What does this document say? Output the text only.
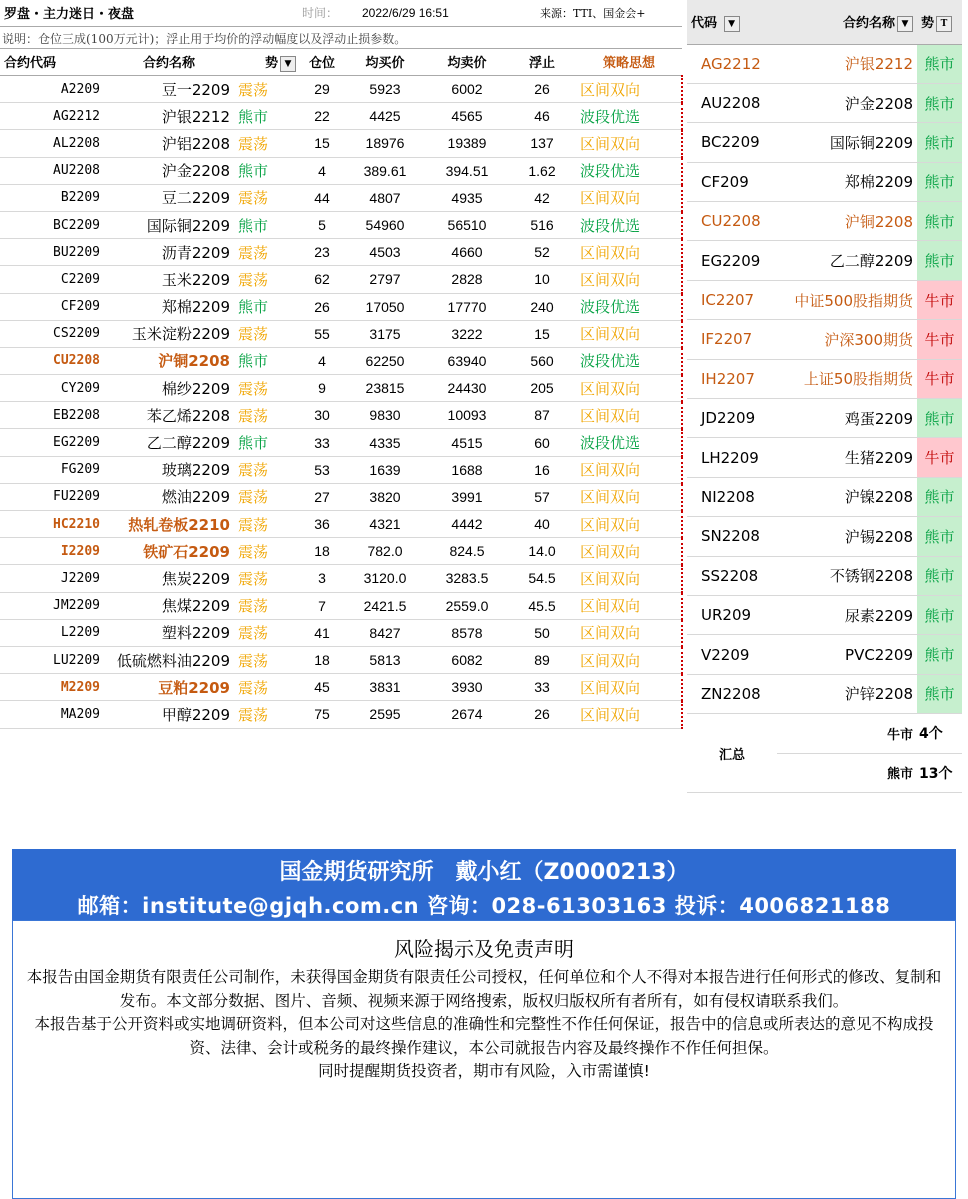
罗盘・主力迷日・夜盘		时间：	2022/6/29 16:51	来源：TTI、国金会+
说明：仓位三成(100万元计)；浮止用于均价的浮动幅度以及浮动止损参数。
合约代码	合约名称	势 ▼	仓位	均买价	均卖价	浮止	策略思想
A2209	豆一2209	震荡	29	5923	6002	26	区间双向
AG2212	沪银2212	熊市	22	4425	4565	46	波段优选
AL2208	沪铝2208	震荡	15	18976	19389	137	区间双向
AU2208	沪金2208	熊市	4	389.61	394.51	1.62	波段优选
B2209	豆二2209	震荡	44	4807	4935	42	区间双向
BC2209	国际铜2209	熊市	5	54960	56510	516	波段优选
BU2209	沥青2209	震荡	23	4503	4660	52	区间双向
C2209	玉米2209	震荡	62	2797	2828	10	区间双向
CF209	郑棉2209	熊市	26	17050	17770	240	波段优选
CS2209	玉米淀粉2209	震荡	55	3175	3222	15	区间双向
CU2208	沪铜2208	熊市	4	62250	63940	560	波段优选
CY209	棉纱2209	震荡	9	23815	24430	205	区间双向
EB2208	苯乙烯2208	震荡	30	9830	10093	87	区间双向
EG2209	乙二醇2209	熊市	33	4335	4515	60	波段优选
FG209	玻璃2209	震荡	53	1639	1688	16	区间双向
FU2209	燃油2209	震荡	27	3820	3991	57	区间双向
HC2210	热轧卷板2210	震荡	36	4321	4442	40	区间双向
I2209	铁矿石2209	震荡	18	782.0	824.5	14.0	区间双向
J2209	焦炭2209	震荡	3	3120.0	3283.5	54.5	区间双向
JM2209	焦煤2209	震荡	7	2421.5	2559.0	45.5	区间双向
L2209	塑料2209	震荡	41	8427	8578	50	区间双向
LU2209	低硫燃料油2209	震荡	18	5813	6082	89	区间双向
M2209	豆粕2209	震荡	45	3831	3930	33	区间双向
MA209	甲醇2209	震荡	75	2595	2674	26	区间双向
代码 ▼	合约名称 ▼	势 T
AG2212	沪银2212	熊市
AU2208	沪金2208	熊市
BC2209	国际铜2209	熊市
CF209	郑棉2209	熊市
CU2208	沪铜2208	熊市
EG2209	乙二醇2209	熊市
IC2207	中证500股指期货	牛市
IF2207	沪深300期货	牛市
IH2207	上证50股指期货	牛市
JD2209	鸡蛋2209	熊市
LH2209	生猪2209	牛市
NI2208	沪镍2208	熊市
SN2208	沪锡2208	熊市
SS2208	不锈钢2208	熊市
UR209	尿素2209	熊市
V2209	PVC2209	熊市
ZN2208	沪锌2208	熊市
汇总	牛市	4个
	熊市	13个
国金期货研究所　戴小红（Z0000213）
邮箱：institute@gjqh.com.cn 咨询：028-61303163 投诉：4006821188
风险揭示及免责声明

本报告由国金期货有限责任公司制作，未获得国金期货有限责任公司授权，任何单位和个人不得对本报告进行任何形式的修改、复制和发布。本文部分数据、图片、音频、视频来源于网络搜索，版权归版权所有者所有，如有侵权请联系我们。

本报告基于公开资料或实地调研资料，但本公司对这些信息的准确性和完整性不作任何保证，报告中的信息或所表达的意见不构成投资、法律、会计或税务的最终操作建议，本公司就报告内容及最终操作不作任何担保。

同时提醒期货投资者，期市有风险，入市需谨慎!
